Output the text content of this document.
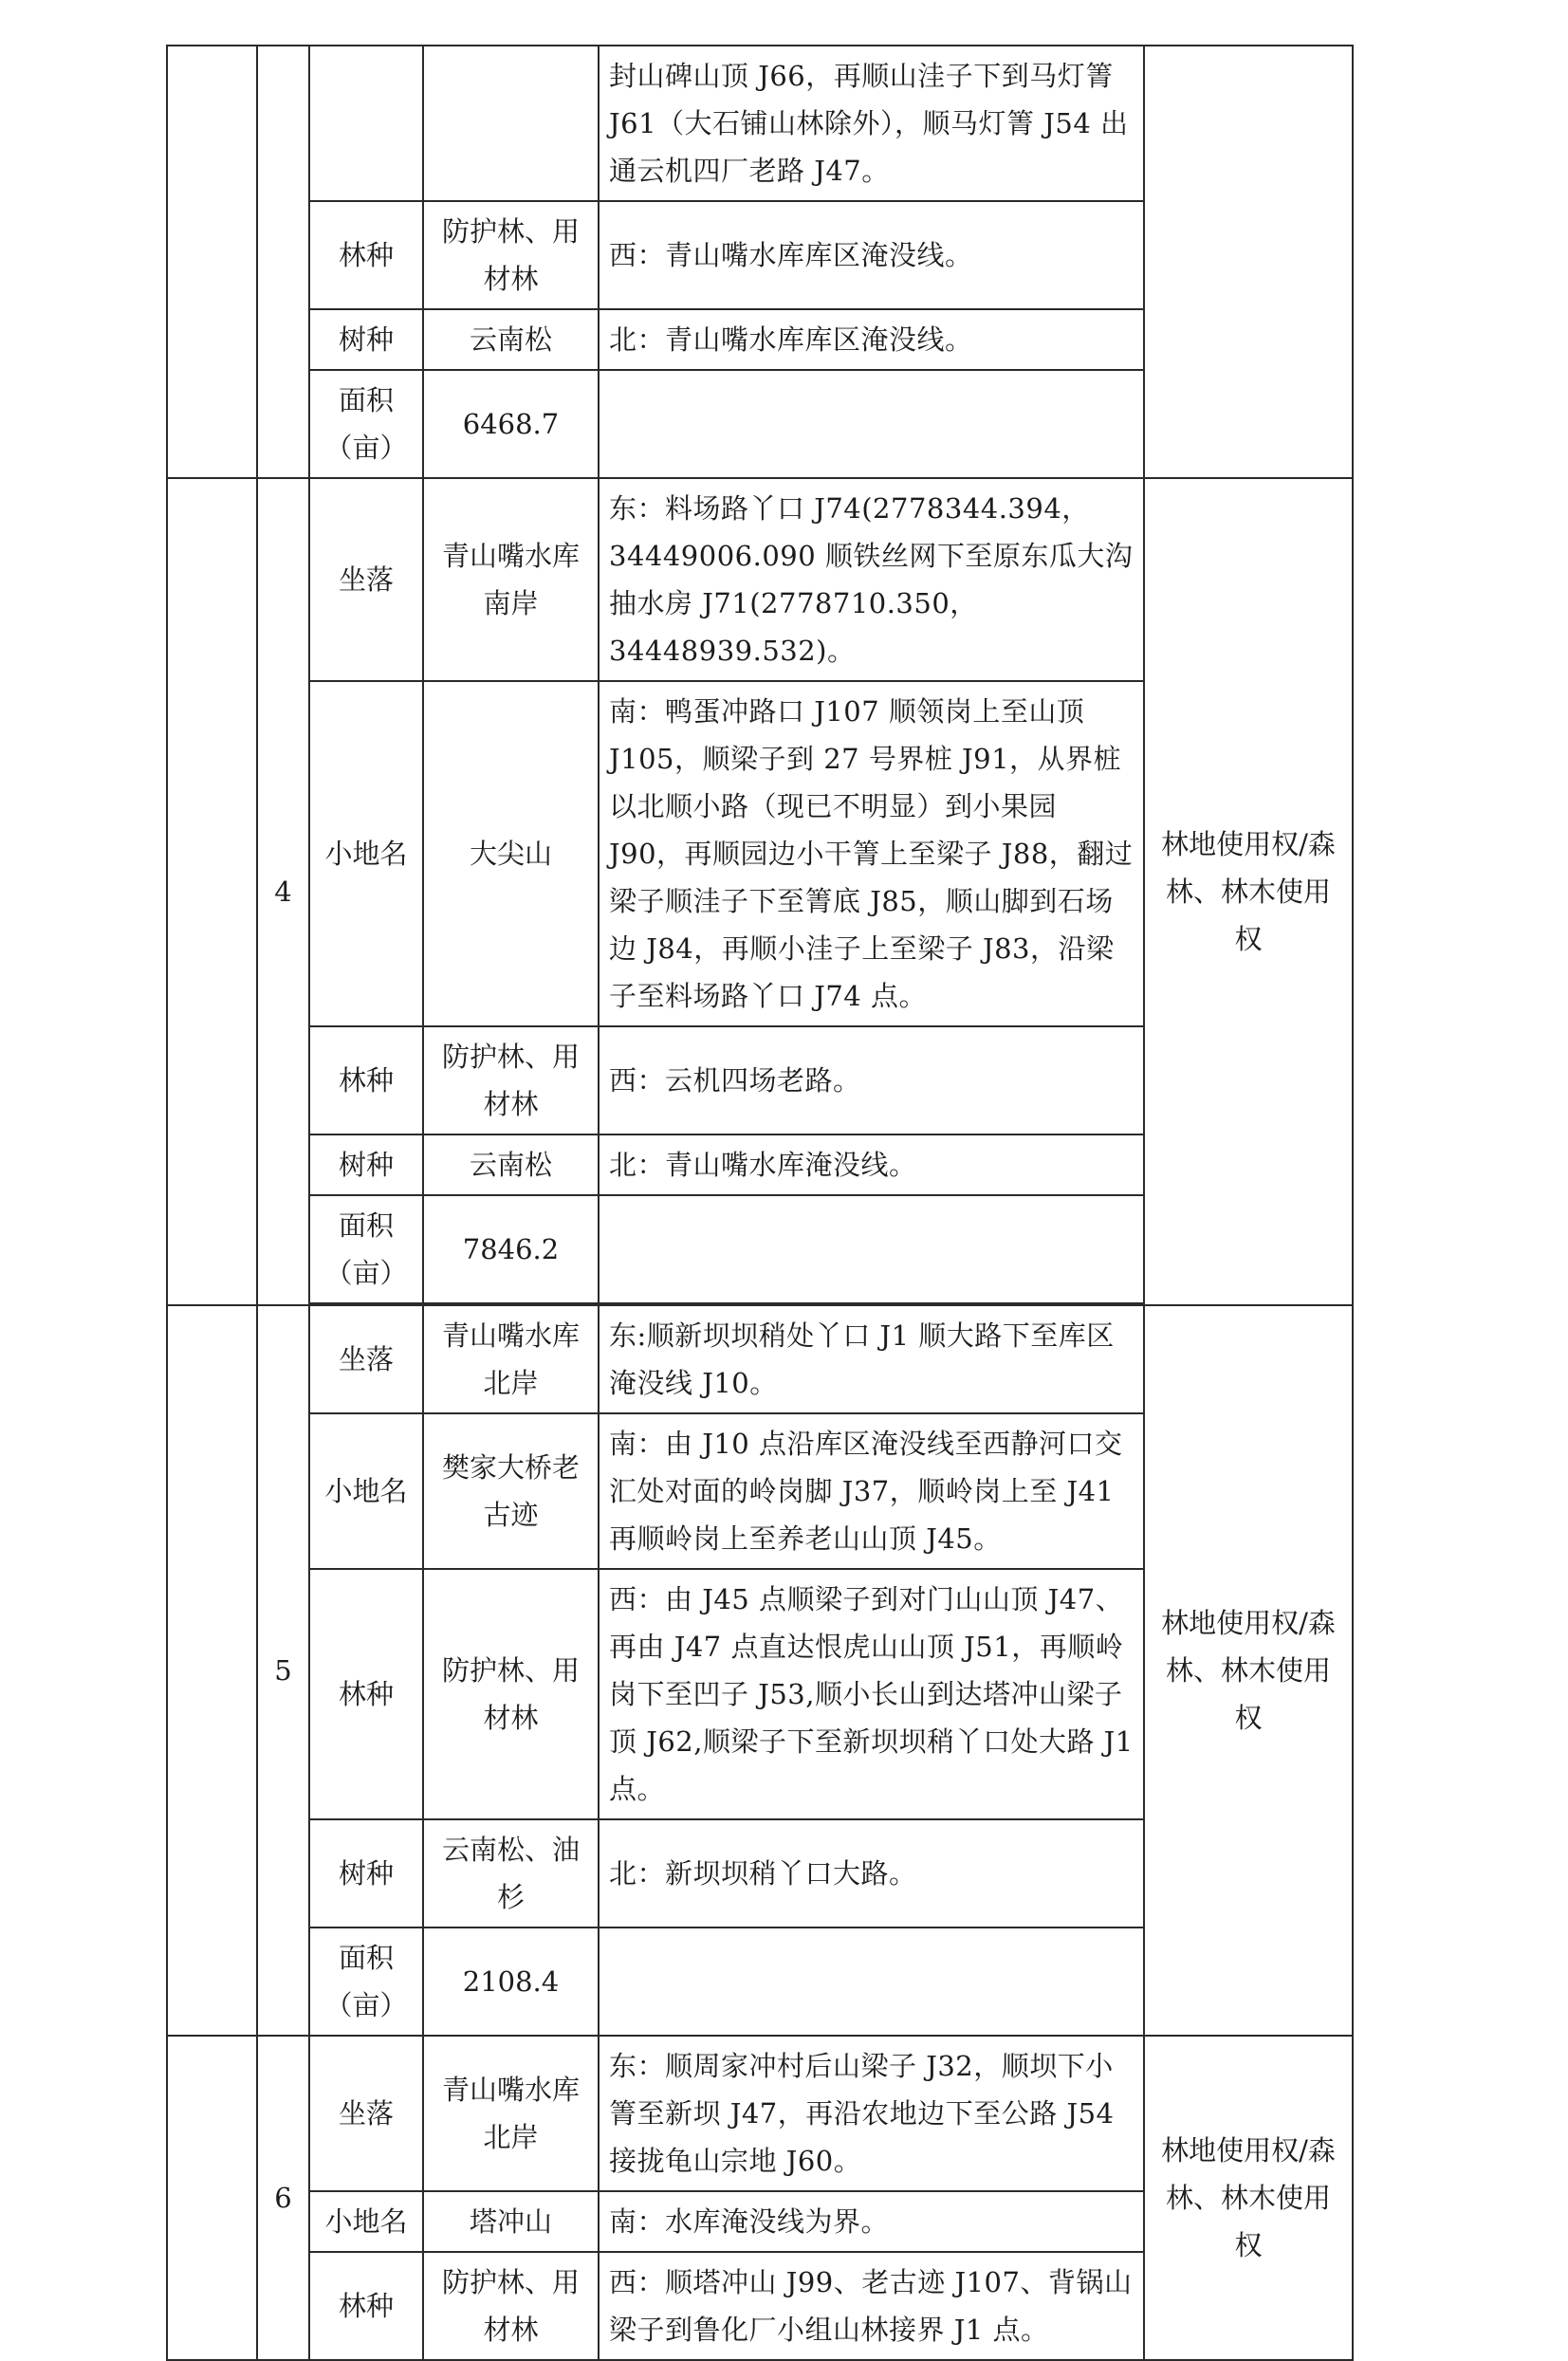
				封山碑山顶 J66，再顺山洼子下到马灯箐 J61（大石铺山林除外），顺马灯箐 J54 出通云机四厂老路 J47。	
		林种	防护林、用材林	西：青山嘴水库库区淹没线。	
		树种	云南松	北：青山嘴水库库区淹没线。	
		面积（亩）	6468.7		
	4	坐落	青山嘴水库南岸	东：料场路丫口 J74(2778344.394，34449006.090 顺铁丝网下至原东瓜大沟抽水房 J71(2778710.350，34448939.532)。	林地使用权/森林、林木使用权
		小地名	大尖山	南：鸭蛋冲路口 J107 顺领岗上至山顶 J105，顺梁子到 27 号界桩 J91，从界桩以北顺小路（现已不明显）到小果园 J90，再顺园边小干箐上至梁子 J88，翻过梁子顺洼子下至箐底 J85，顺山脚到石场边 J84，再顺小洼子上至梁子 J83，沿梁子至料场路丫口 J74 点。	
		林种	防护林、用材林	西：云机四场老路。	
		树种	云南松	北：青山嘴水库淹没线。	
		面积（亩）	7846.2		

	5	坐落	青山嘴水库北岸	东:顺新坝坝稍处丫口 J1 顺大路下至库区淹没线 J10。	林地使用权/森林、林木使用权
		小地名	樊家大桥老古迹	南：由 J10 点沿库区淹没线至西静河口交汇处对面的岭岗脚 J37，顺岭岗上至 J41 再顺岭岗上至养老山山顶 J45。	
		林种	防护林、用材林	西：由 J45 点顺梁子到对门山山顶 J47、再由 J47 点直达恨虎山山顶 J51，再顺岭岗下至凹子 J53,顺小长山到达塔冲山梁子顶 J62,顺梁子下至新坝坝稍丫口处大路 J1 点。	
		树种	云南松、油杉	北：新坝坝稍丫口大路。	
		面积（亩）	2108.4		
	6	坐落	青山嘴水库北岸	东：顺周家冲村后山梁子 J32，顺坝下小箐至新坝 J47，再沿农地边下至公路 J54 接拢龟山宗地 J60。	林地使用权/森林、林木使用权
		小地名	塔冲山	南：水库淹没线为界。	
		林种	防护林、用材林	西：顺塔冲山 J99、老古迹 J107、背锅山梁子到鲁化厂小组山林接界 J1 点。	
